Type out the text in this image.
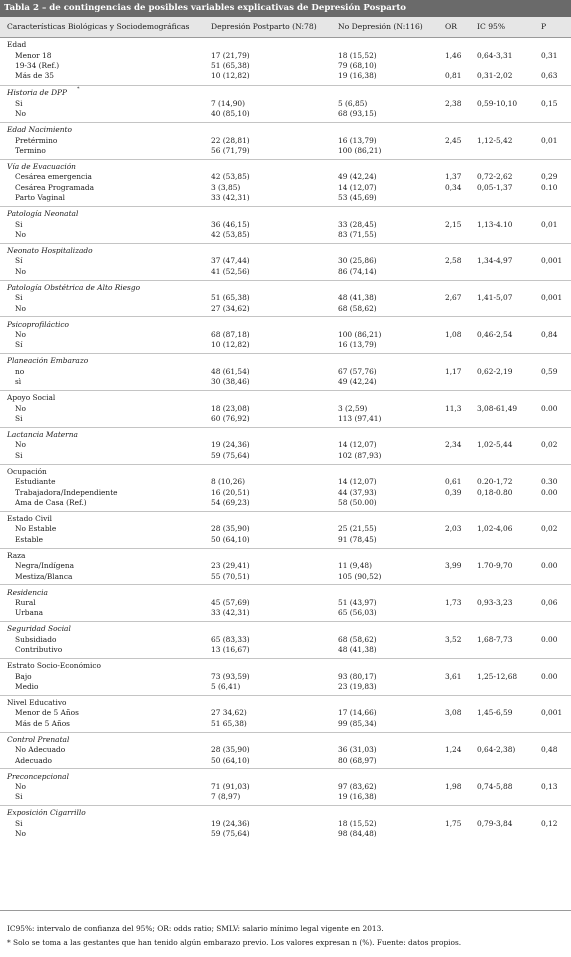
Tabla 2 – de contingencias de posibles variables explicativas de Depresión Posparto
Características Biológicas y Sociodemográficas	Depresión Postparto (N:78)	No Depresión (N:116)	OR	IC 95%	P
Edad
Menor 18	17 (21,79)	18 (15,52)	1,46 0,64-3,31	0,31
19-34 (Ref.)	51 (65,38)	79 (68,10)
Más de 35	10 (12,82)	19 (16,38)	0,81 0,31-2,02	0,63
Historia de DPP *
Si	7 (14,90)	5 (6,85)	2,38 0,59-10,10	0,15
No	40 (85,10)	68 (93,15)
Edad Nacimiento
Pretérmino	22 (28,81)	16 (13,79)	2,45 1,12-5,42	0,01
Termino	56 (71,79)	100 (86,21)
Vía de Evacuación
Cesárea emergencia	42 (53,85)	49 (42,24)	1,37 0,72-2,62	0,29
Cesárea Programada	3 (3,85)	14 (12,07)	0,34 0,05-1,37	0.10
Parto Vaginal	33 (42,31)	53 (45,69)
Patología Neonatal
Si	36 (46,15)	33 (28,45)	2,15 1,13-4.10	0,01
No	42 (53,85)	83 (71,55)
Neonato Hospitalizado
Sí	37 (47,44)	30 (25,86)	2,58 1,34-4,97	0,001
No	41 (52,56)	86 (74,14)
Patología Obstétrica de Alto Riesgo
Si	51 (65,38)	48 (41,38)	2,67 1,41-5,07	0,001
No	27 (34,62)	68 (58,62)
Psicoprofiláctico
No	68 (87,18)	100 (86,21)	1,08 0,46-2,54	0,84
Sí	10 (12,82)	16 (13,79)
Planeación Embarazo
no	48 (61,54)	67 (57,76)	1,17 0,62-2,19	0,59
sì	30 (38,46)	49 (42,24)
Apoyo Social
No	18 (23,08)	3 (2,59)	11,3 3,08-61,49	0.00
Si	60 (76,92)	113 (97,41)
Lactancia Materna
No	19 (24,36)	14 (12,07)	2,34 1,02-5,44	0,02
Si	59 (75,64)	102 (87,93)
Ocupación
Estudiante	8 (10,26)	14 (12,07)	0,61 0.20-1,72	0.30
Trabajadora/Independiente	16 (20,51)	44 (37,93)	0,39 0,18-0.80	0.00
Ama de Casa (Ref.)	54 (69,23)	58 (50.00)
Estado Civil
No Estable	28 (35,90)	25 (21,55)	2,03 1,02-4,06	0,02
Estable	50 (64,10)	91 (78,45)
Raza
Negra/Indígena	23 (29,41)	11 (9,48)	3,99 1.70-9,70	0.00
Mestiza/Blanca	55 (70,51)	105 (90,52)
Residencia
Rural	45 (57,69)	51 (43,97)	1,73 0,93-3,23	0,06
Urbana	33 (42,31)	65 (56,03)
Seguridad Social
Subsidiado	65 (83,33)	68 (58,62)	3,52 1,68-7,73	0.00
Contributivo	13 (16,67)	48 (41,38)
Estrato Socio-Económico
Bajo	73 (93,59)	93 (80,17)	3,61 1,25-12,68	0.00
Medio	5 (6,41)	23 (19,83)
Nivel Educativo
Menor de 5 Años	27 34,62)	17 (14,66)	3,08 1,45-6,59	0,001
Más de 5 Años	51 65,38)	99 (85,34)
Control Prenatal
No Adecuado	28 (35,90)	36 (31,03)	1,24 0,64-2,38)	0,48
Adecuado	50 (64,10)	80 (68,97)
Preconcepcional
No	71 (91,03)	97 (83,62)	1,98 0,74-5,88	0,13
Si	7 (8,97)	19 (16,38)
Exposición Cigarrillo
Si	19 (24,36)	18 (15,52)	1,75 0,79-3,84	0,12
No	59 (75,64)	98 (84,48)
IC95%: intervalo de confianza del 95%; OR: odds ratio; SMLV: salario mínimo legal vigente en 2013.
* Solo se toma a las gestantes que han tenido algún embarazo previo. Los valores expresan n (%). Fuente: datos propios.
